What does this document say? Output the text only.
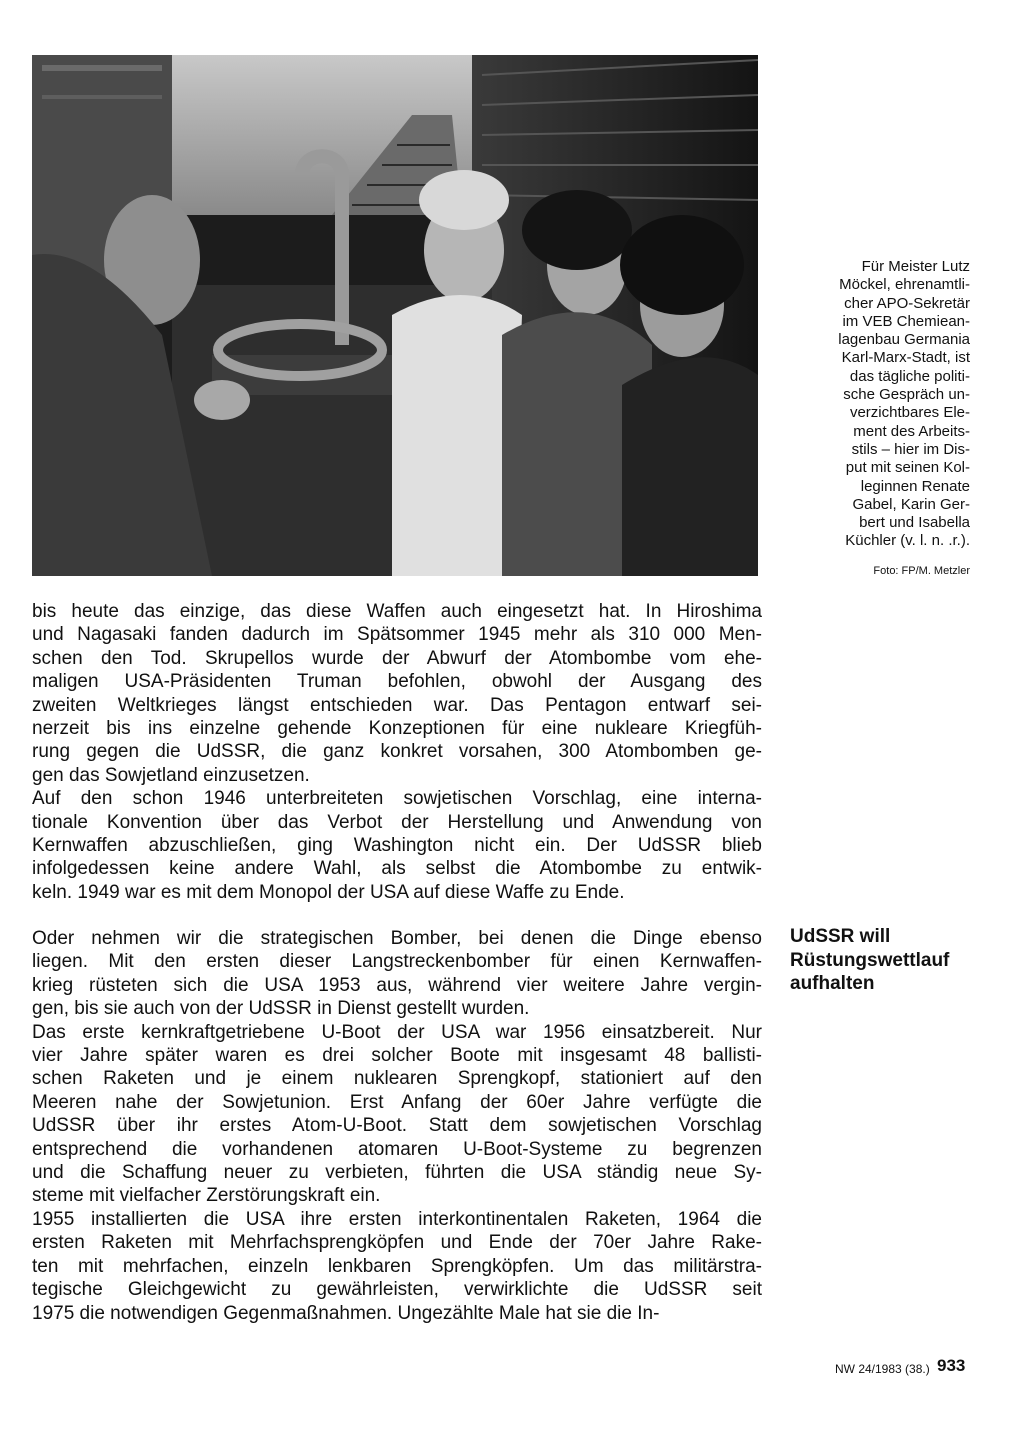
Für Meister Lutz
Möckel, ehrenamtli-
cher APO-Sekretär
im VEB Chemiean-
lagenbau Germania
Karl-Marx-Stadt, ist
das tägliche politi-
sche Gespräch un-
verzichtbares Ele-
ment des Arbeits-
stils – hier im Dis-
put mit seinen Kol-
leginnen Renate
Gabel, Karin Ger-
bert und Isabella
Küchler (v. l. n. .r.).
Foto: FP/M. Metzler
bis heute das einzige, das diese Waffen auch eingesetzt hat. In Hiroshima
und Nagasaki fanden dadurch im Spätsommer 1945 mehr als 310 000 Men-
schen den Tod. Skrupellos wurde der Abwurf der Atombombe vom ehe-
maligen USA-Präsidenten Truman befohlen, obwohl der Ausgang des
zweiten Weltkrieges längst entschieden war. Das Pentagon entwarf sei-
nerzeit bis ins einzelne gehende Konzeptionen für eine nukleare Kriegfüh-
rung gegen die UdSSR, die ganz konkret vorsahen, 300 Atombomben ge-
gen das Sowjetland einzusetzen.
Auf den schon 1946 unterbreiteten sowjetischen Vorschlag, eine interna-
tionale Konvention über das Verbot der Herstellung und Anwendung von
Kernwaffen abzuschließen, ging Washington nicht ein. Der UdSSR blieb
infolgedessen keine andere Wahl, als selbst die Atombombe zu entwik-
keln. 1949 war es mit dem Monopol der USA auf diese Waffe zu Ende.
UdSSR will
Rüstungswettlauf
aufhalten
Oder nehmen wir die strategischen Bomber, bei denen die Dinge ebenso
liegen. Mit den ersten dieser Langstreckenbomber für einen Kernwaffen-
krieg rüsteten sich die USA 1953 aus, während vier weitere Jahre vergin-
gen, bis sie auch von der UdSSR in Dienst gestellt wurden.
Das erste kernkraftgetriebene U-Boot der USA war 1956 einsatzbereit. Nur
vier Jahre später waren es drei solcher Boote mit insgesamt 48 ballisti-
schen Raketen und je einem nuklearen Sprengkopf, stationiert auf den
Meeren nahe der Sowjetunion. Erst Anfang der 60er Jahre verfügte die
UdSSR über ihr erstes Atom-U-Boot. Statt dem sowjetischen Vorschlag
entsprechend die vorhandenen atomaren U-Boot-Systeme zu begrenzen
und die Schaffung neuer zu verbieten, führten die USA ständig neue Sy-
steme mit vielfacher Zerstörungskraft ein.
1955 installierten die USA ihre ersten interkontinentalen Raketen, 1964 die
ersten Raketen mit Mehrfachsprengköpfen und Ende der 70er Jahre Rake-
ten mit mehrfachen, einzeln lenkbaren Sprengköpfen. Um das militärstra-
tegische Gleichgewicht zu gewährleisten, verwirklichte die UdSSR seit
1975 die notwendigen Gegenmaßnahmen. Ungezählte Male hat sie die In-
NW 24/1983 (38.) 933
